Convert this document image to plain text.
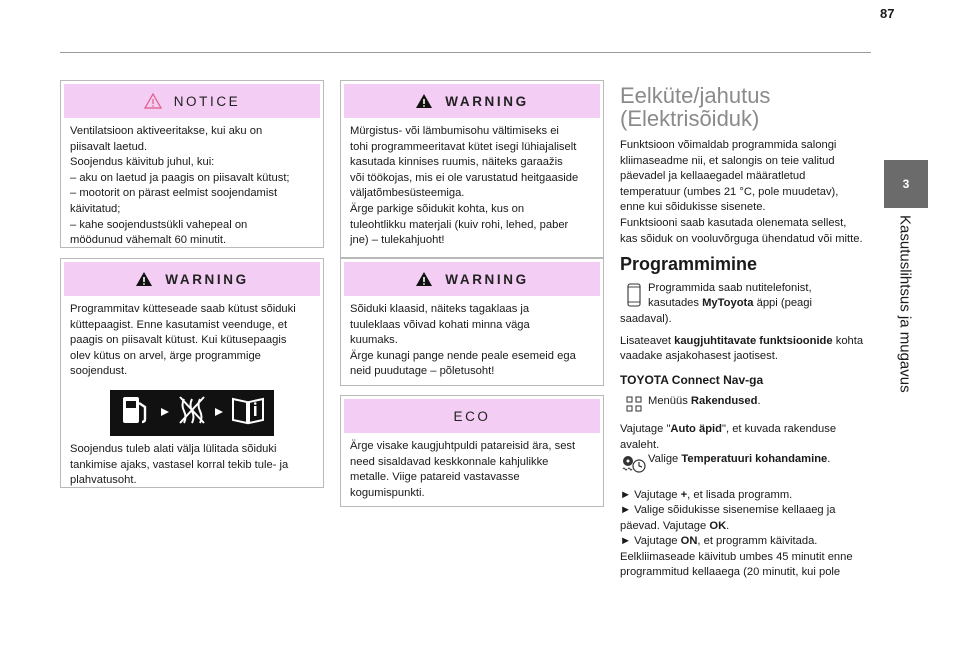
87
3
Kasutuslihtsus ja mugavus
NOTICE

Ventilatsioon aktiveeritakse, kui aku on

piisavalt laetud.

Soojendus käivitub juhul, kui:

– aku on laetud ja paagis on piisavalt kütust;

– mootorit on pärast eelmist soojendamist

käivitatud;

– kahe soojendustsükli vahepeal on

möödunud vähemalt 60 minutit.

WARNING

Programmitav kütteseade saab kütust sõiduki

küttepaagist. Enne kasutamist veenduge, et

paagis on piisavalt kütust. Kui kütusepaagis

olev kütus on arvel, ärge programmige

soojendust.

Soojendus tuleb alati välja lülitada sõiduki

tankimise ajaks, vastasel korral tekib tule- ja

plahvatusoht.

WARNING

Mürgistus- või lämbumisohu vältimiseks ei

tohi programmeeritavat kütet isegi lühiajaliselt

kasutada kinnises ruumis, näiteks garaažis

või töökojas, mis ei ole varustatud heitgaaside

väljatõmbesüsteemiga.

Ärge parkige sõidukit kohta, kus on

tuleohtlikku materjali (kuiv rohi, lehed, paber

jne) – tulekahjuoht!

WARNING

Sõiduki klaasid, näiteks tagaklaas ja

tuuleklaas võivad kohati minna väga

kuumaks.

Ärge kunagi pange nende peale esemeid ega

neid puudutage – põletusoht!

ECO

Ärge visake kaugjuhtpuldi patareisid ära, sest

need sisaldavad keskkonnale kahjulikke

metalle. Viige patareid vastavasse

kogumispunkti.

Eelküte/jahutus
(Elektrisõiduk)
Funktsioon võimaldab programmida salongi
kliimaseadme nii, et salongis on teie valitud
päevadel ja kellaaegadel määratletud
temperatuur (umbes 21 °C, pole muudetav),
enne kui sõidukisse sisenete.
Funktsiooni saab kasutada olenemata sellest,
kas sõiduk on vooluvõrguga ühendatud või mitte.
Programmimine
Programmida saab nutitelefonist,
kasutades MyToyota äppi (peagi
saadaval).
Lisateavet kaugjuhtitavate funktsioonide kohta
vaadake asjakohasest jaotisest.
TOYOTA Connect Nav-ga
Menüüs Rakendused.
Vajutage "Auto äpid", et kuvada rakenduse
avaleht.
Valige Temperatuuri kohandamine.
► Vajutage +, et lisada programm.
► Valige sõidukisse sisenemise kellaaeg ja
päevad. Vajutage OK.
► Vajutage ON, et programm käivitada.
Eelkliimaseade käivitub umbes 45 minutit enne
programmitud kellaaega (20 minutit, kui pole
